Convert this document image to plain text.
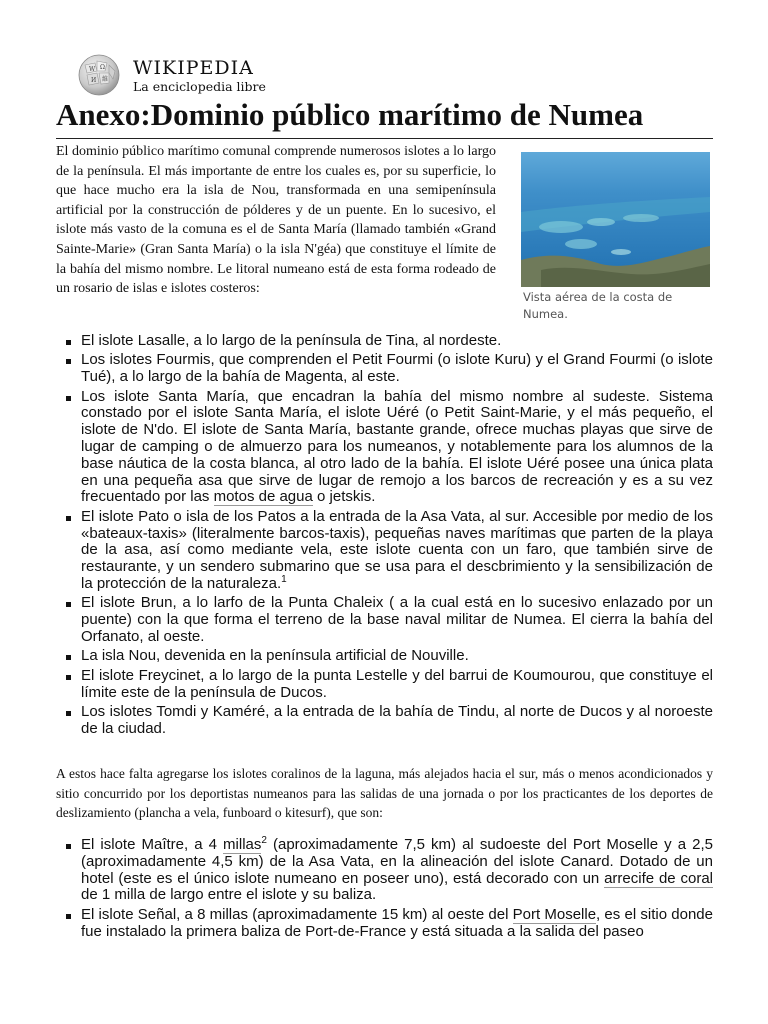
W Ω
И 維
WIKIPEDIA
La enciclopedia libre
Anexo:Dominio público marítimo de Numea

El dominio público marítimo comunal comprende numerosos islotes a lo largo de la península. El más importante de entre los cuales es, por su superficie, lo que hace mucho era la isla de Nou, transformada en una semipenínsula artificial por la construcción de pólderes y de un puente. En lo sucesivo, el islote más vasto de la comuna es el de Santa María (llamado también «Grand Sainte-Marie» (Gran Santa María) o la isla N'géa) que constituye el límite de la bahía del mismo nombre. Le litoral numeano está de esta forma rodeado de un rosario de islas e islotes costeros:

Vista aérea de la costa de Numea.
El islote Lasalle, a lo largo de la península de Tina, al nordeste.
Los islotes Fourmis, que comprenden el Petit Fourmi (o islote Kuru) y el Grand Fourmi (o islote Tué), a lo largo de la bahía de Magenta, al este.
Los islote Santa María, que encadran la bahía del mismo nombre al sudeste. Sistema constado por el islote Santa María, el islote Uéré (o Petit Saint-Marie, y el más pequeño, el islote de N'do. El islote de Santa María, bastante grande, ofrece muchas playas que sirve de lugar de camping o de almuerzo para los numeanos, y notablemente para los alumnos de la base náutica de la costa blanca, al otro lado de la bahía. El islote Uéré posee una única plata en una pequeña asa que sirve de lugar de remojo a los barcos de recreación y es a su vez frecuentado por las motos de agua o jetskis.
El islote Pato o isla de los Patos a la entrada de la Asa Vata, al sur. Accesible por medio de los «bateaux-taxis» (literalmente barcos-taxis), pequeñas naves marítimas que parten de la playa de la asa, así como mediante vela, este islote cuenta con un faro, que también sirve de restaurante, y un sendero submarino que se usa para el descbrimiento y la sensibilización de la protección de la naturaleza.$^1$
El islote Brun, a lo larfo de la Punta Chaleix ( a la cual está en lo sucesivo enlazado por un puente) con la que forma el terreno de la base naval militar de Numea. El cierra la bahía del Orfanato, al oeste.
La isla Nou, devenida en la península artificial de Nouville.
El islote Freycinet, a lo largo de la punta Lestelle y del barrui de Koumourou, que constituye el límite este de la península de Ducos.
Los islotes Tomdi y Kaméré, a la entrada de la bahía de Tindu, al norte de Ducos y al noroeste de la ciudad.

A estos hace falta agregarse los islotes coralinos de la laguna, más alejados hacia el sur, más o menos acondicionados y sitio concurrido por los deportistas numeanos para las salidas de una jornada o por los practicantes de los deportes de deslizamiento (plancha a vela, funboard o kitesurf), que son:

El islote Maître, a 4 millas$^2$ (aproximadamente 7,5 km) al sudoeste del Port Moselle y a 2,5 (aproximadamente 4,5 km) de la Asa Vata, en la alineación del islote Canard. Dotado de un hotel (este es el único islote numeano en poseer uno), está decorado con un arrecife de coral de 1 milla de largo entre el islote y su baliza.
El islote Señal, a 8 millas (aproximadamente 15 km) al oeste del Port Moselle, es el sitio donde fue instalado la primera baliza de Port-de-France y está situada a la salida del paseo
